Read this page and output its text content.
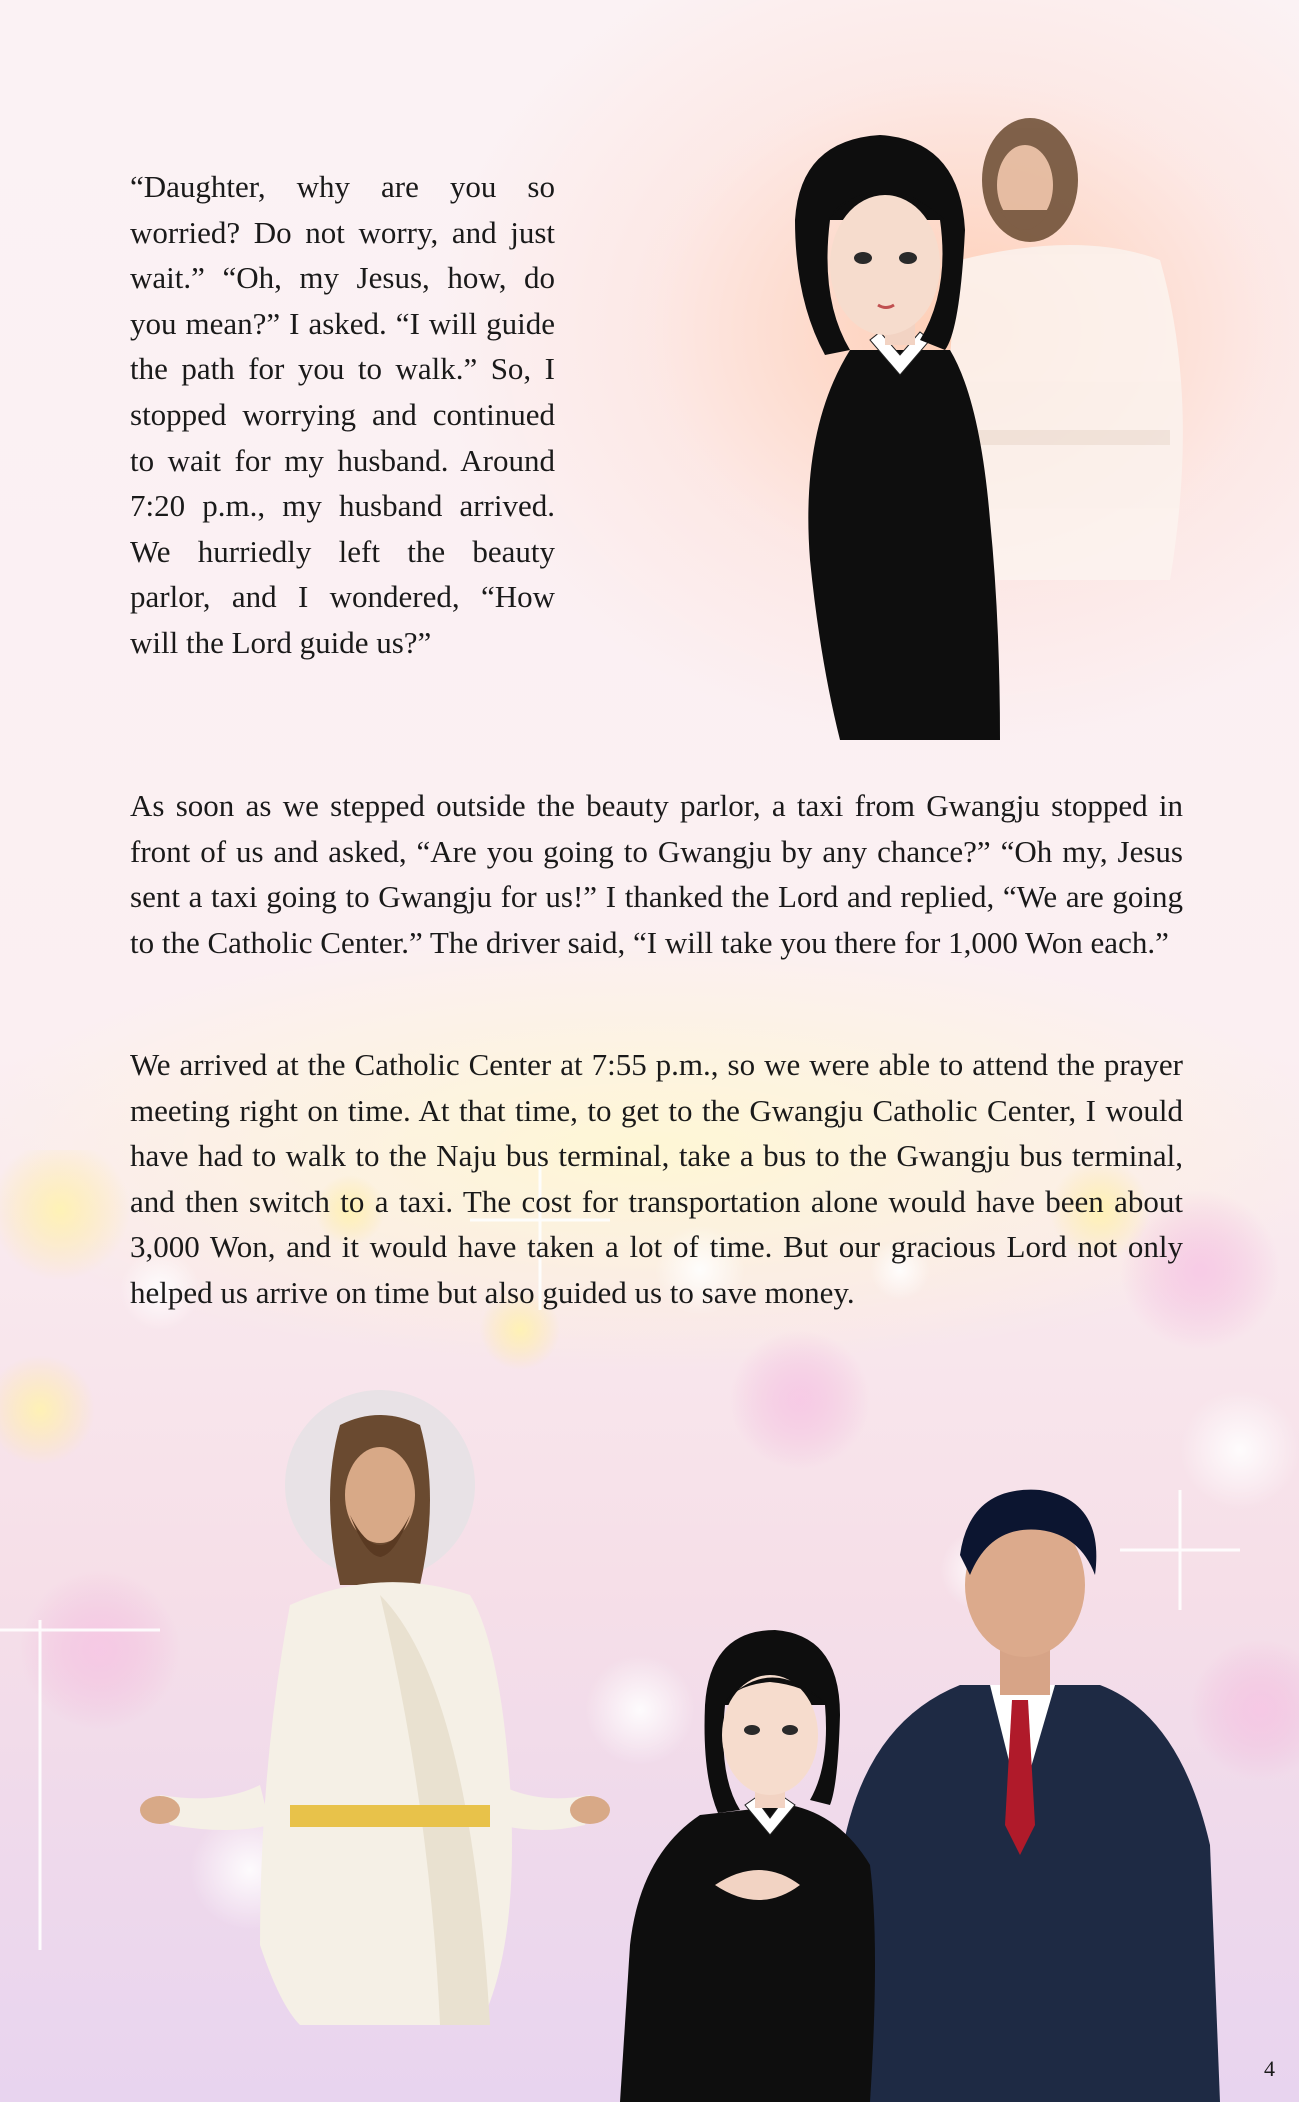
“Daughter, why are you so worried? Do not worry, and just wait.” “Oh, my Jesus, how, do you mean?” I asked. “I will guide the path for you to walk.” So, I stopped worrying and continued to wait for my husband. Around 7:20 p.m., my husband arrived. We hurriedly left the beauty parlor, and I wondered, “How will the Lord guide us?”

As soon as we stepped outside the beauty parlor, a taxi from Gwangju stopped in front of us and asked, “Are you going to Gwangju by any chance?” “Oh my, Jesus sent a taxi going to Gwangju for us!” I thanked the Lord and replied, “We are going to the Catholic Center.” The driver said, “I will take you there for 1,000 Won each.”

We arrived at the Catholic Center at 7:55 p.m., so we were able to attend the prayer meeting right on time. At that time, to get to the Gwangju Catholic Center, I would have had to walk to the Naju bus terminal, take a bus to the Gwangju bus terminal, and then switch to a taxi. The cost for transportation alone would have been about 3,000 Won, and it would have taken a lot of time. But our gracious Lord not only helped us arrive on time but also guided us to save money.

4
